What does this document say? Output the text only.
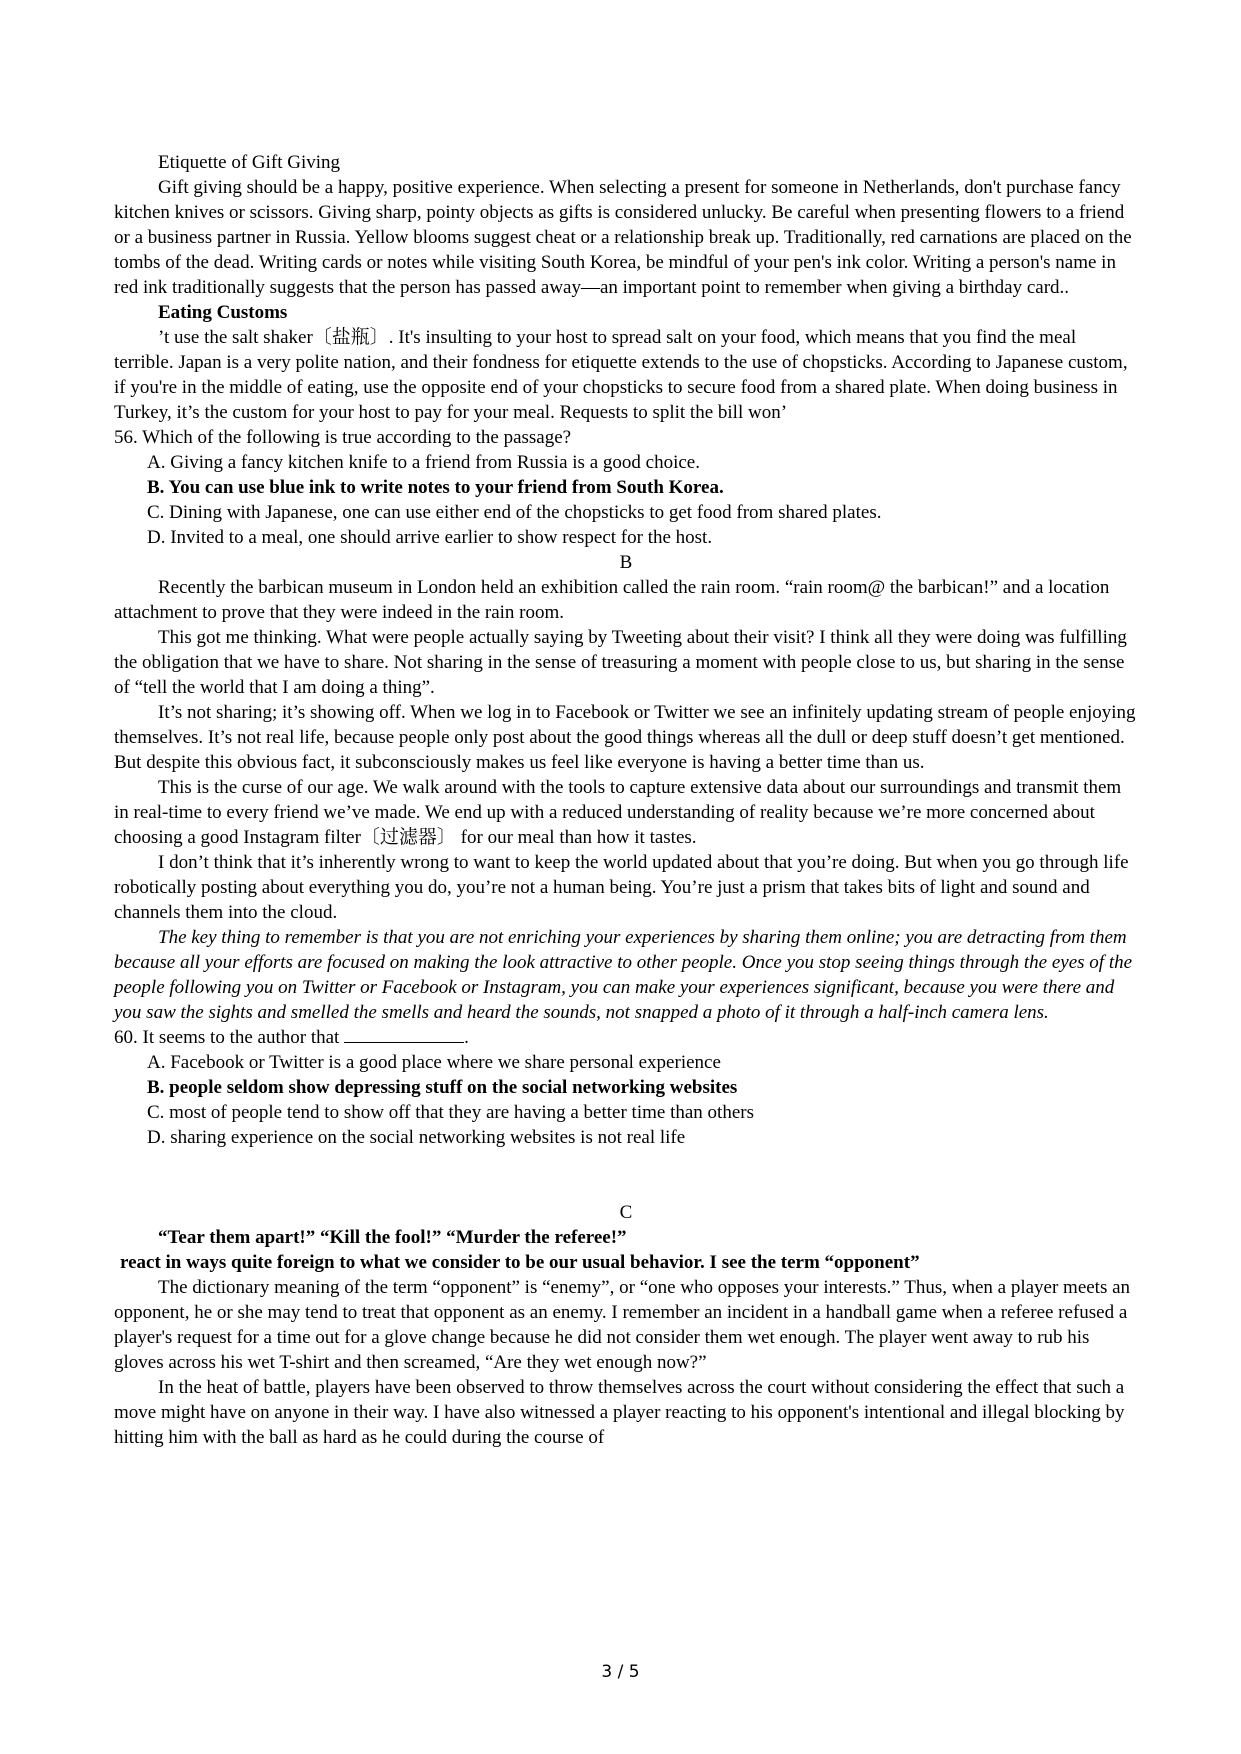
Etiquette of Gift Giving

Gift giving should be a happy, positive experience. When selecting a present for someone in Netherlands, don't purchase fancy kitchen knives or scissors. Giving sharp, pointy objects as gifts is considered unlucky. Be careful when presenting flowers to a friend or a business partner in Russia. Yellow blooms suggest cheat or a relationship break up. Traditionally, red carnations are placed on the tombs of the dead. Writing cards or notes while visiting South Korea, be mindful of your pen's ink color. Writing a person's name in red ink traditionally suggests that the person has passed away—an important point to remember when giving a birthday card..

Eating Customs

’t use the salt shaker〔盐瓶〕. It's insulting to your host to spread salt on your food, which means that you find the meal terrible. Japan is a very polite nation, and their fondness for etiquette extends to the use of chopsticks. According to Japanese custom, if you're in the middle of eating, use the opposite end of your chopsticks to secure food from a shared plate. When doing business in Turkey, it’s the custom for your host to pay for your meal. Requests to split the bill won’

56. Which of the following is true according to the passage?

A. Giving a fancy kitchen knife to a friend from Russia is a good choice.

B. You can use blue ink to write notes to your friend from South Korea.

C. Dining with Japanese, one can use either end of the chopsticks to get food from shared plates.

D. Invited to a meal, one should arrive earlier to show respect for the host.

B

Recently the barbican museum in London held an exhibition called the rain room. “rain room@ the barbican!” and a location attachment to prove that they were indeed in the rain room.

This got me thinking. What were people actually saying by Tweeting about their visit? I think all they were doing was fulfilling the obligation that we have to share. Not sharing in the sense of treasuring a moment with people close to us, but sharing in the sense of “tell the world that I am doing a thing”.

It’s not sharing; it’s showing off. When we log in to Facebook or Twitter we see an infinitely updating stream of people enjoying themselves. It’s not real life, because people only post about the good things whereas all the dull or deep stuff doesn’t get mentioned. But despite this obvious fact, it subconsciously makes us feel like everyone is having a better time than us.

This is the curse of our age. We walk around with the tools to capture extensive data about our surroundings and transmit them in real-time to every friend we’ve made. We end up with a reduced understanding of reality because we’re more concerned about choosing a good Instagram filter〔过滤器〕 for our meal than how it tastes.

I don’t think that it’s inherently wrong to want to keep the world updated about that you’re doing. But when you go through life robotically posting about everything you do, you’re not a human being. You’re just a prism that takes bits of light and sound and channels them into the cloud.

The key thing to remember is that you are not enriching your experiences by sharing them online; you are detracting from them because all your efforts are focused on making the look attractive to other people. Once you stop seeing things through the eyes of the people following you on Twitter or Facebook or Instagram, you can make your experiences significant, because you were there and you saw the sights and smelled the smells and heard the sounds, not snapped a photo of it through a half-inch camera lens.

60. It seems to the author that	.

A. Facebook or Twitter is a good place where we share personal experience

B. people seldom show depressing stuff on the social networking websites

C. most of people tend to show off that they are having a better time than others

D. sharing experience on the social networking websites is not real life

C

“Tear them apart!” “Kill the fool!” “Murder the referee!”

react in ways quite foreign to what we consider to be our usual behavior. I see the term “opponent”

The dictionary meaning of the term “opponent” is “enemy”, or “one who opposes your interests.” Thus, when a player meets an opponent, he or she may tend to treat that opponent as an enemy. I remember an incident in a handball game when a referee refused a player's request for a time out for a glove change because he did not consider them wet enough. The player went away to rub his gloves across his wet T-shirt and then screamed, “Are they wet enough now?”

In the heat of battle, players have been observed to throw themselves across the court without considering the effect that such a move might have on anyone in their way. I have also witnessed a player reacting to his opponent's intentional and illegal blocking by hitting him with the ball as hard as he could during the course of

3 / 5
